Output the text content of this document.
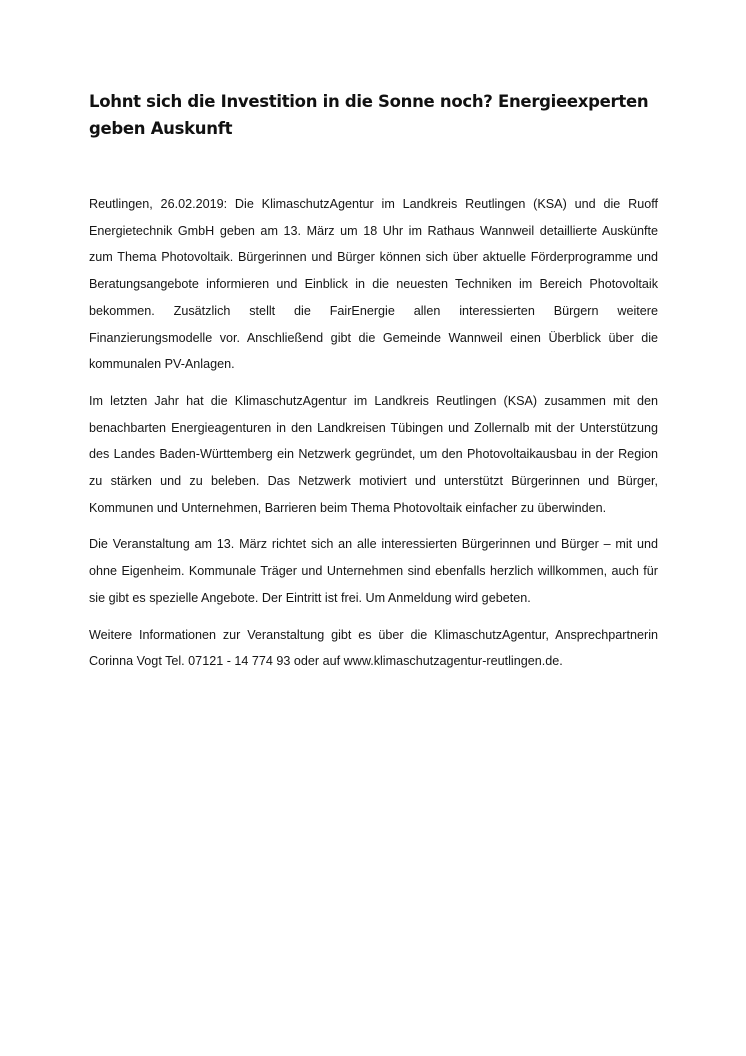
Lohnt sich die Investition in die Sonne noch? Energieexperten geben Auskunft

Reutlingen, 26.02.2019: Die KlimaschutzAgentur im Landkreis Reutlingen (KSA) und die Ruoff Energietechnik GmbH geben am 13. März um 18 Uhr im Rathaus Wannweil detaillierte Auskünfte zum Thema Photovoltaik. Bürgerinnen und Bürger können sich über aktuelle Förderprogramme und Beratungsangebote informieren und Einblick in die neuesten Techniken im Bereich Photovoltaik bekommen. Zusätzlich stellt die FairEnergie allen interessierten Bürgern weitere Finanzierungsmodelle vor. Anschließend gibt die Gemeinde Wannweil einen Überblick über die kommunalen PV-Anlagen.

Im letzten Jahr hat die KlimaschutzAgentur im Landkreis Reutlingen (KSA) zusammen mit den benachbarten Energieagenturen in den Landkreisen Tübingen und Zollernalb mit der Unterstützung des Landes Baden-Württemberg ein Netzwerk gegründet, um den Photovoltaikausbau in der Region zu stärken und zu beleben. Das Netzwerk motiviert und unterstützt Bürgerinnen und Bürger, Kommunen und Unternehmen, Barrieren beim Thema Photovoltaik einfacher zu überwinden.

Die Veranstaltung am 13. März richtet sich an alle interessierten Bürgerinnen und Bürger – mit und ohne Eigenheim. Kommunale Träger und Unternehmen sind ebenfalls herzlich willkommen, auch für sie gibt es spezielle Angebote. Der Eintritt ist frei. Um Anmeldung wird gebeten.

Weitere Informationen zur Veranstaltung gibt es über die KlimaschutzAgentur, Ansprechpartnerin Corinna Vogt Tel. 07121 - 14 774 93 oder auf www.klimaschutzagentur-reutlingen.de.
